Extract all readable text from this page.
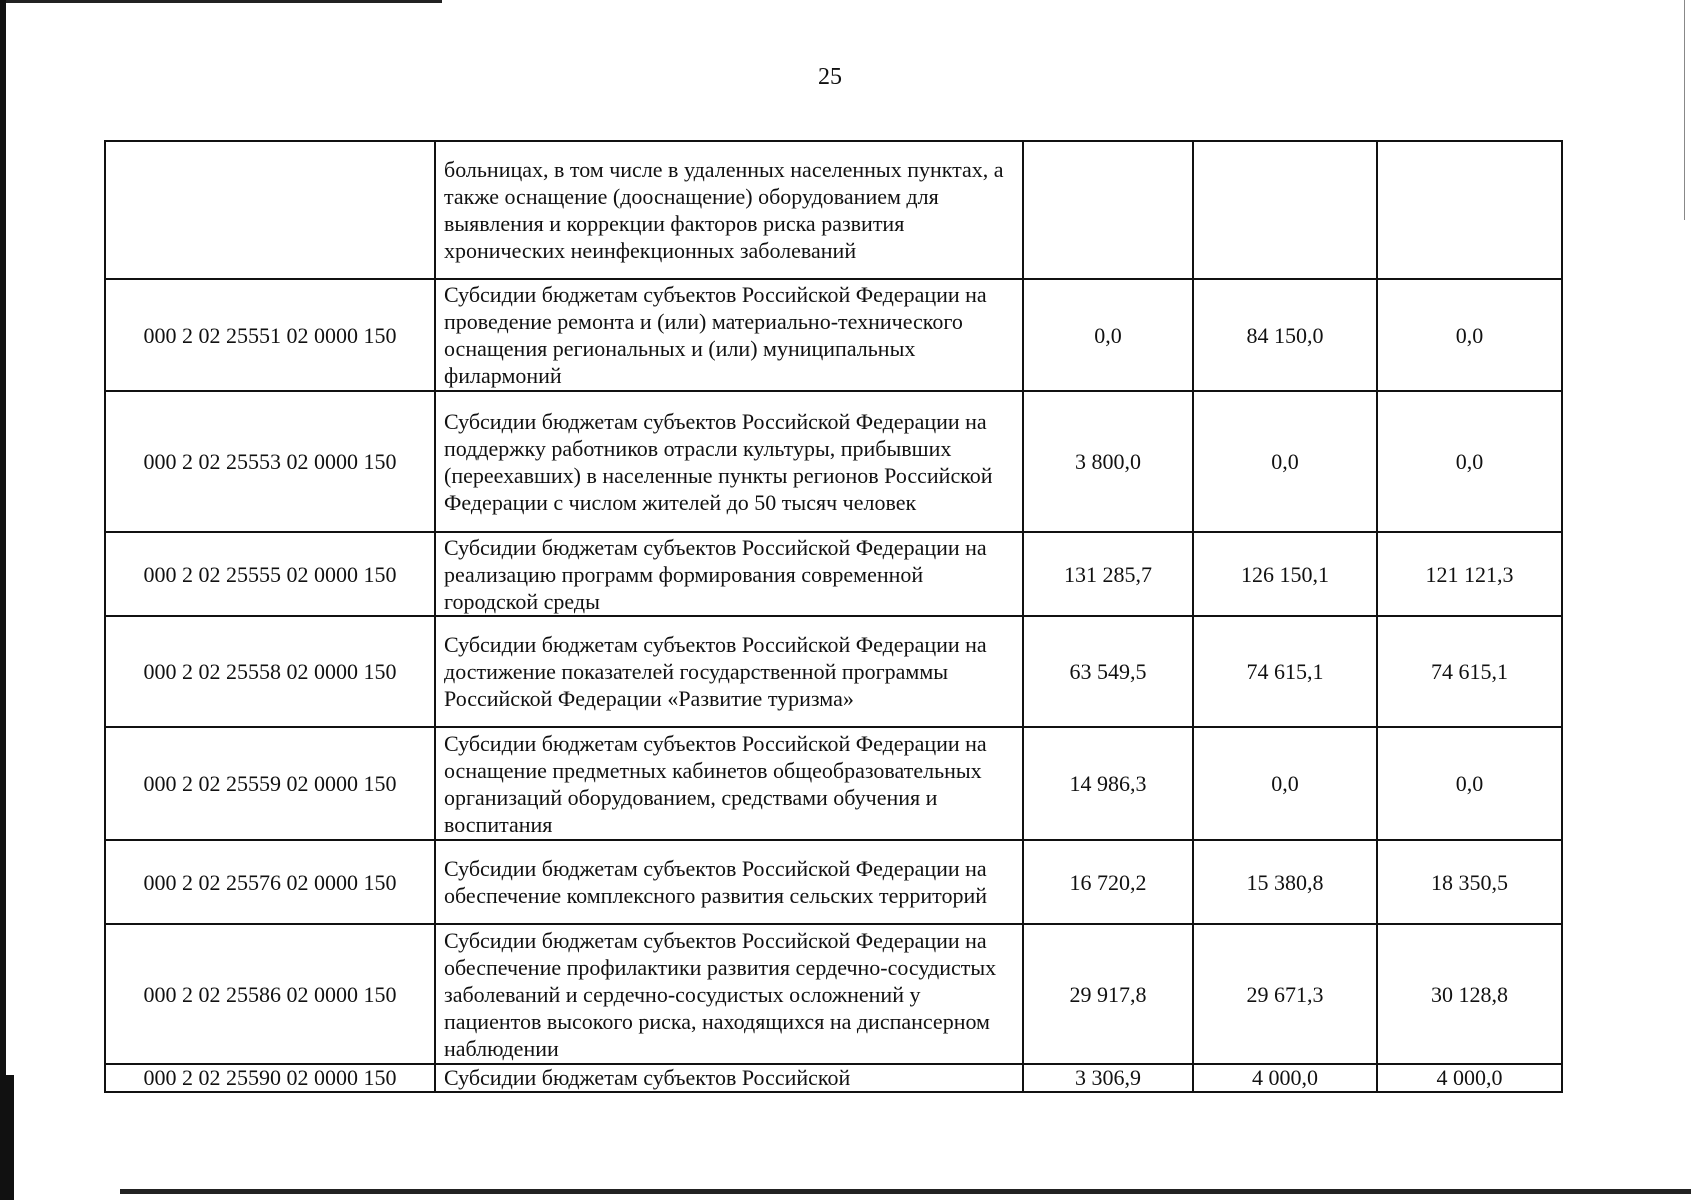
25
	больницах, в том числе в удаленных населенных пунктах, а также оснащение (дооснащение) оборудованием для выявления и коррекции факторов риска развития хронических неинфекционных заболеваний			
000 2 02 25551 02 0000 150	Субсидии бюджетам субъектов Российской Федерации на проведение ремонта и (или) материально-технического оснащения региональных и (или) муниципальных филармоний	0,0	84 150,0	0,0
000 2 02 25553 02 0000 150	Субсидии бюджетам субъектов Российской Федерации на поддержку работников отрасли культуры, прибывших (переехавших) в населенные пункты регионов Российской Федерации с числом жителей до 50 тысяч человек	3 800,0	0,0	0,0
000 2 02 25555 02 0000 150	Субсидии бюджетам субъектов Российской Федерации на реализацию программ формирования современной городской среды	131 285,7	126 150,1	121 121,3
000 2 02 25558 02 0000 150	Субсидии бюджетам субъектов Российской Федерации на достижение показателей государственной программы Российской Федерации «Развитие туризма»	63 549,5	74 615,1	74 615,1
000 2 02 25559 02 0000 150	Субсидии бюджетам субъектов Российской Федерации на оснащение предметных кабинетов общеобразовательных организаций оборудованием, средствами обучения и воспитания	14 986,3	0,0	0,0
000 2 02 25576 02 0000 150	Субсидии бюджетам субъектов Российской Федерации на обеспечение комплексного развития сельских территорий	16 720,2	15 380,8	18 350,5
000 2 02 25586 02 0000 150	Субсидии бюджетам субъектов Российской Федерации на обеспечение профилактики развития сердечно-сосудистых заболеваний и сердечно-сосудистых осложнений у пациентов высокого риска, находящихся на диспансерном наблюдении	29 917,8	29 671,3	30 128,8
000 2 02 25590 02 0000 150	Субсидии бюджетам субъектов Российской	3 306,9	4 000,0	4 000,0
